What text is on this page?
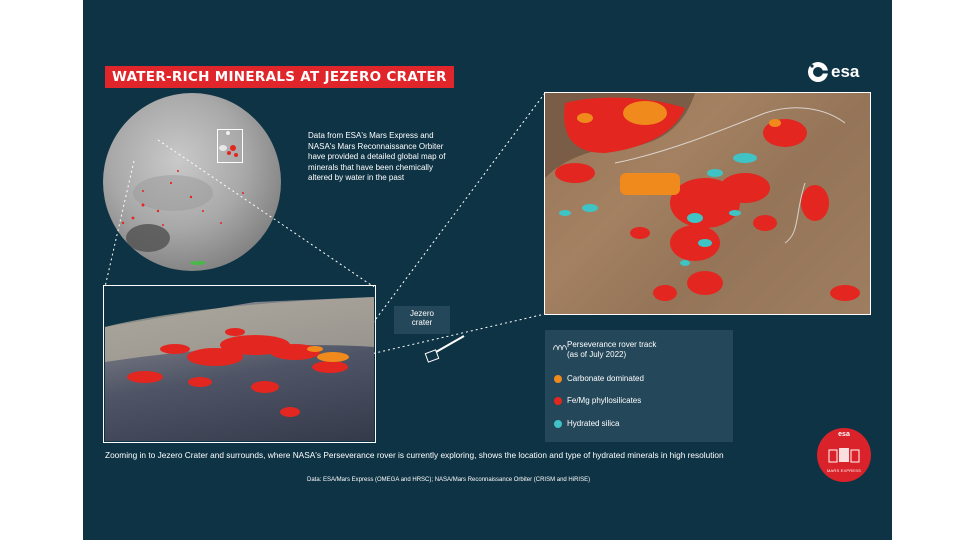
WATER-RICH MINERALS AT JEZERO CRATER	esa
Data from ESA's Mars Express and NASA's Mars Reconnaissance Orbiter have provided a detailed global map of minerals that have been chemically altered by water in the past
Jezero
crater
Perseverance rover track
(as of July 2022)
Carbonate dominated
Fe/Mg phyllosilicates
Hydrated silica
Zooming in to Jezero Crater and surrounds, where NASA's Perseverance rover is currently exploring, shows the location and type of hydrated minerals in high resolution
Data: ESA/Mars Express (OMEGA and HRSC); NASA/Mars Reconnaissance Orbiter (CRISM and HiRISE)
esa
MARS EXPRESS
